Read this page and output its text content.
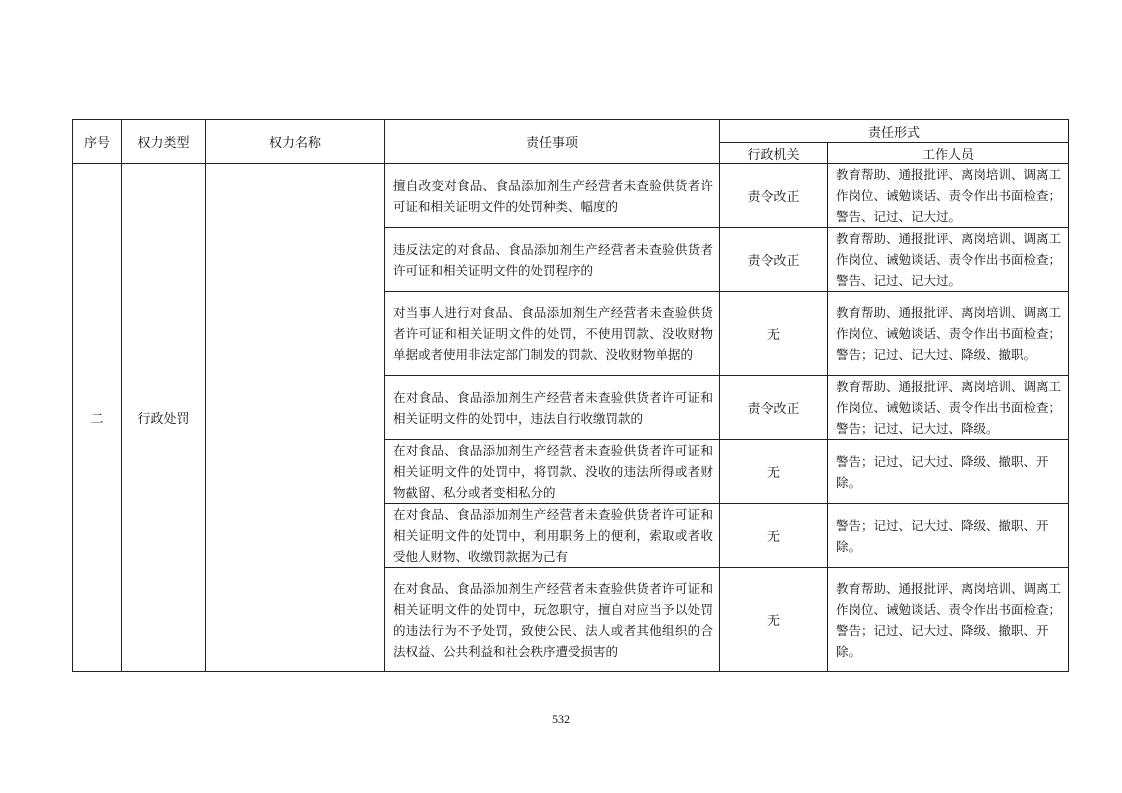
序号	权力类型	权力名称	责任事项	责任形式	
				行政机关	工作人员
二	行政处罚		擅自改变对食品、食品添加剂生产经营者未查验供货者许可证和相关证明文件的处罚种类、幅度的	责令改正	教育帮助、通报批评、离岗培训、调离工作岗位、诫勉谈话、责令作出书面检查；警告、记过、记大过。
			违反法定的对食品、食品添加剂生产经营者未查验供货者许可证和相关证明文件的处罚程序的	责令改正	教育帮助、通报批评、离岗培训、调离工作岗位、诫勉谈话、责令作出书面检查；警告、记过、记大过。
			对当事人进行对食品、食品添加剂生产经营者未查验供货者许可证和相关证明文件的处罚，不使用罚款、没收财物单据或者使用非法定部门制发的罚款、没收财物单据的	无	教育帮助、通报批评、离岗培训、调离工作岗位、诫勉谈话、责令作出书面检查；警告；记过、记大过、降级、撤职。
			在对食品、食品添加剂生产经营者未查验供货者许可证和相关证明文件的处罚中，违法自行收缴罚款的	责令改正	教育帮助、通报批评、离岗培训、调离工作岗位、诫勉谈话、责令作出书面检查；警告；记过、记大过、降级。
			在对食品、食品添加剂生产经营者未查验供货者许可证和相关证明文件的处罚中，将罚款、没收的违法所得或者财物截留、私分或者变相私分的	无	警告；记过、记大过、降级、撤职、开除。
			在对食品、食品添加剂生产经营者未查验供货者许可证和相关证明文件的处罚中，利用职务上的便利，索取或者收受他人财物、收缴罚款据为己有	无	警告；记过、记大过、降级、撤职、开除。
			在对食品、食品添加剂生产经营者未查验供货者许可证和相关证明文件的处罚中，玩忽职守，擅自对应当予以处罚的违法行为不予处罚，致使公民、法人或者其他组织的合法权益、公共利益和社会秩序遭受损害的	无	教育帮助、通报批评、离岗培训、调离工作岗位、诫勉谈话、责令作出书面检查；警告；记过、记大过、降级、撤职、开除。
532
